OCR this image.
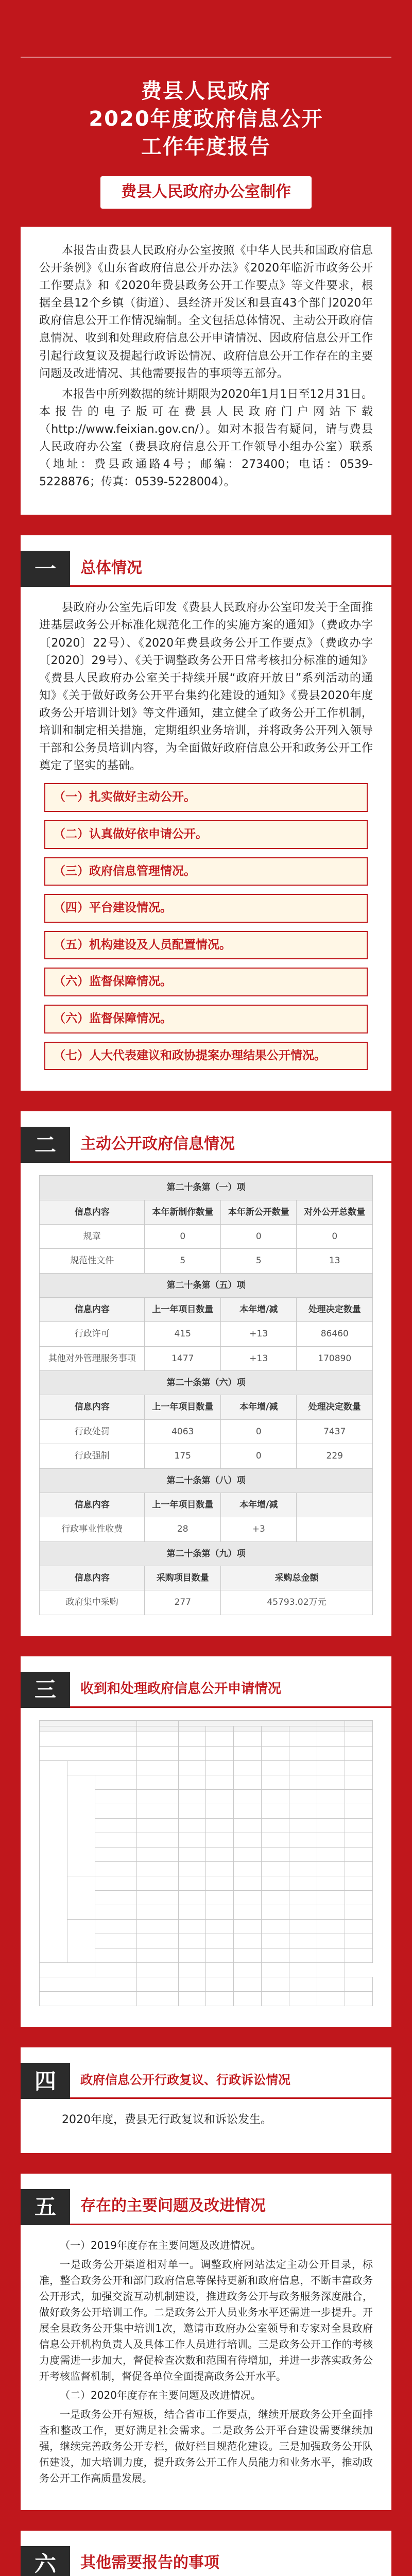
费县人民政府
2020年度政府信息公开
工作年度报告
费县人民政府办公室制作

本报告由费县人民政府办公室按照《中华人民共和国政府信息公开条例》《山东省政府信息公开办法》《2020年临沂市政务公开工作要点》和《2020年费县政务公开工作要点》等文件要求，根据全县12个乡镇（街道）、县经济开发区和县直43个部门2020年政府信息公开工作情况编制。全文包括总体情况、主动公开政府信息情况、收到和处理政府信息公开申请情况、因政府信息公开工作引起行政复议及提起行政诉讼情况、政府信息公开工作存在的主要问题及改进情况、其他需要报告的事项等五部分。

本报告中所列数据的统计期限为2020年1月1日至12月31日。本报告的电子版可在费县人民政府门户网站下载（http://www.feixian.gov.cn/）。如对本报告有疑问，请与费县人民政府办公室（费县政府信息公开工作领导小组办公室）联系（地址：费县政通路4号；邮编：273400；电话：0539-5228876；传真：0539-5228004）。

一	总体情况

县政府办公室先后印发《费县人民政府办公室印发关于全面推进基层政务公开标准化规范化工作的实施方案的通知》（费政办字〔2020〕22号）、《2020年费县政务公开工作要点》（费政办字〔2020〕29号）、《关于调整政务公开日常考核扣分标准的通知》《费县人民政府办公室关于持续开展“政府开放日”系列活动的通知》《关于做好政务公开平台集约化建设的通知》《费县2020年度政务公开培训计划》等文件通知，建立健全了政务公开工作机制，培训和制定相关措施，定期组织业务培训，并将政务公开列入领导干部和公务员培训内容，为全面做好政府信息公开和政务公开工作奠定了坚实的基础。

（一）扎实做好主动公开。
（二）认真做好依申请公开。
（三）政府信息管理情况。
（四）平台建设情况。
（五）机构建设及人员配置情况。
（六）监督保障情况。
（六）监督保障情况。
（七）人大代表建议和政协提案办理结果公开情况。
二	主动公开政府信息情况
第二十条第（一）项			
信息内容	本年新制作数量	本年新公开数量	对外公开总数量
规章	0	0	0
规范性文件	5	5	13
第二十条第（五）项			
信息内容	上一年项目数量	本年增/减	处理决定数量
行政许可	415	+13	86460
其他对外管理服务事项	1477	+13	170890
第二十条第（六）项			
信息内容	上一年项目数量	本年增/减	处理决定数量
行政处罚	4063	0	7437
行政强制	175	0	229
第二十条第（八）项			
信息内容	上一年项目数量	本年增/减	
行政事业性收费	28	+3	
第二十条第（九）项			
信息内容	采购项目数量	采购总金额	
政府集中采购	277	45793.02万元	
三	收到和处理政府信息公开申请情况

四	政府信息公开行政复议、行政诉讼情况

2020年度，费县无行政复议和诉讼发生。

五	存在的主要问题及改进情况

（一）2019年度存在主要问题及改进情况。

一是政务公开渠道相对单一。调整政府网站法定主动公开目录，标准，整合政务公开和部门政府信息等保持更新和政府信息，不断丰富政务公开形式，加强交流互动机制建设，推进政务公开与政务服务深度融合，做好政务公开培训工作。二是政务公开人员业务水平还需进一步提升。开展全县政务公开集中培训1次，邀请市政府办公室领导和专家对全县政府信息公开机构负责人及具体工作人员进行培训。三是政务公开工作的考核力度需进一步加大，督促检查次数和范围有待增加，并进一步落实政务公开考核监督机制，督促各单位全面提高政务公开水平。

（二）2020年度存在主要问题及改进情况。

一是政务公开有短板，结合省市工作要点，继续开展政务公开全面排查和整改工作，更好满足社会需求。二是政务公开平台建设需要继续加强，继续完善政务公开专栏，做好栏目规范化建设。三是加强政务公开队伍建设，加大培训力度，提升政务公开工作人员能力和业务水平，推动政务公开工作高质量发展。

六	其他需要报告的事项
